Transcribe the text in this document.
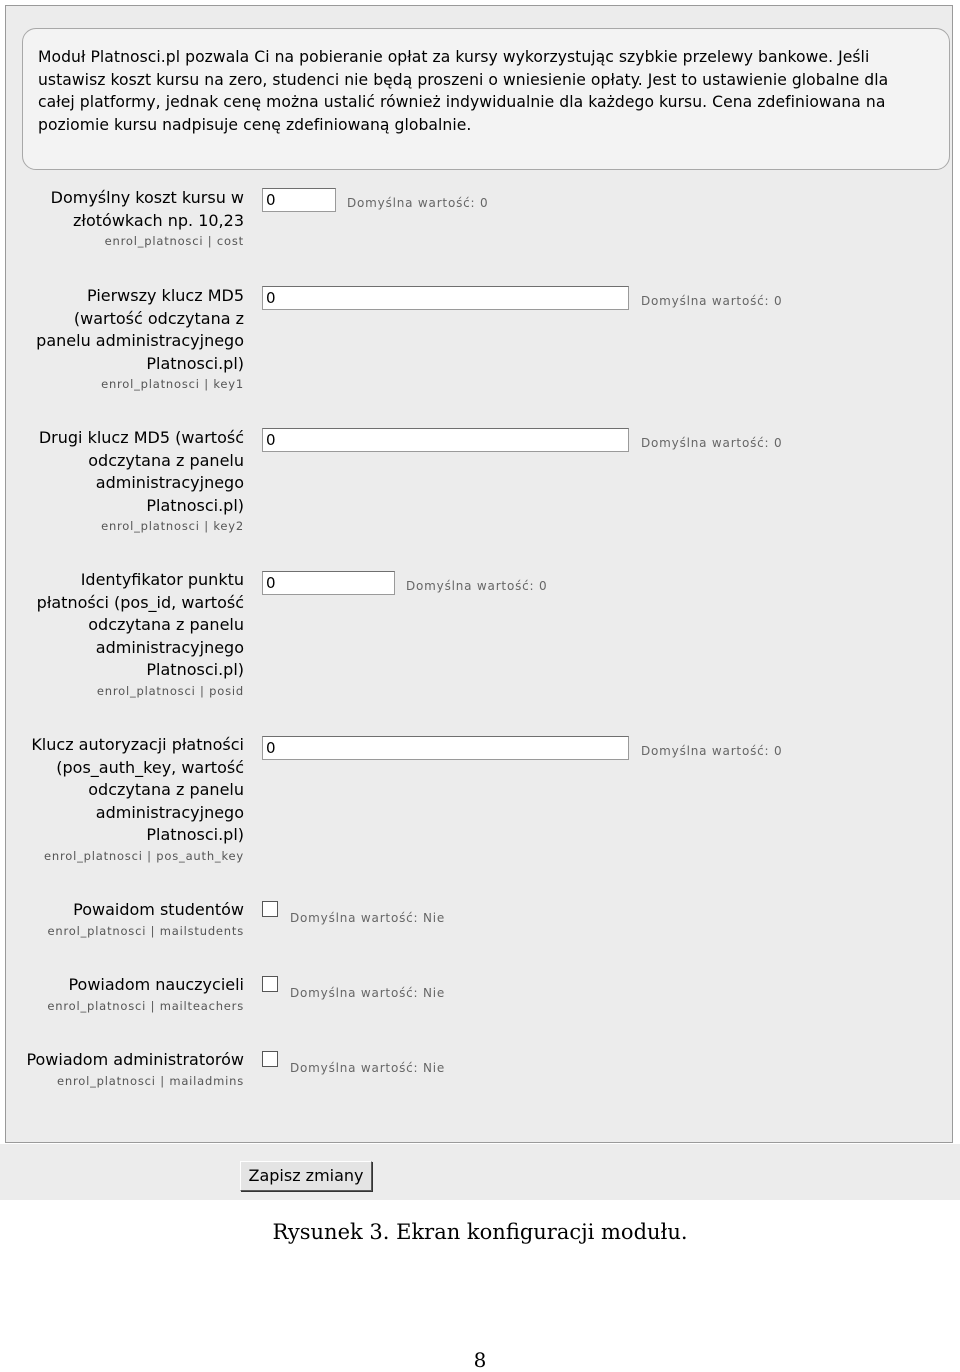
Moduł Platnosci.pl pozwala Ci na pobieranie opłat za kursy wykorzystując szybkie przelewy bankowe. Jeśli
ustawisz koszt kursu na zero, studenci nie będą proszeni o wniesienie opłaty. Jest to ustawienie globalne dla
całej platformy, jednak cenę można ustalić również indywidualnie dla każdego kursu. Cena zdefiniowana na
poziomie kursu nadpisuje cenę zdefiniowaną globalnie.
Domyślny koszt kursu w
złotówkach np. 10,23
enrol_platnosci | cost
0
Domyślna wartość: 0
Pierwszy klucz MD5
(wartość odczytana z
panelu administracyjnego
Platnosci.pl)
enrol_platnosci | key1
0
Domyślna wartość: 0
Drugi klucz MD5 (wartość
odczytana z panelu
administracyjnego
Platnosci.pl)
enrol_platnosci | key2
0
Domyślna wartość: 0
Identyfikator punktu
płatności (pos_id, wartość
odczytana z panelu
administracyjnego
Platnosci.pl)
enrol_platnosci | posid
0
Domyślna wartość: 0
Klucz autoryzacji płatności
(pos_auth_key, wartość
odczytana z panelu
administracyjnego
Platnosci.pl)
enrol_platnosci | pos_auth_key
0
Domyślna wartość: 0
Powaidom studentów
enrol_platnosci | mailstudents
Domyślna wartość: Nie
Powiadom nauczycieli
enrol_platnosci | mailteachers
Domyślna wartość: Nie
Powiadom administratorów
enrol_platnosci | mailadmins
Domyślna wartość: Nie
Zapisz zmiany
Rysunek 3. Ekran konfiguracji modułu.
8
